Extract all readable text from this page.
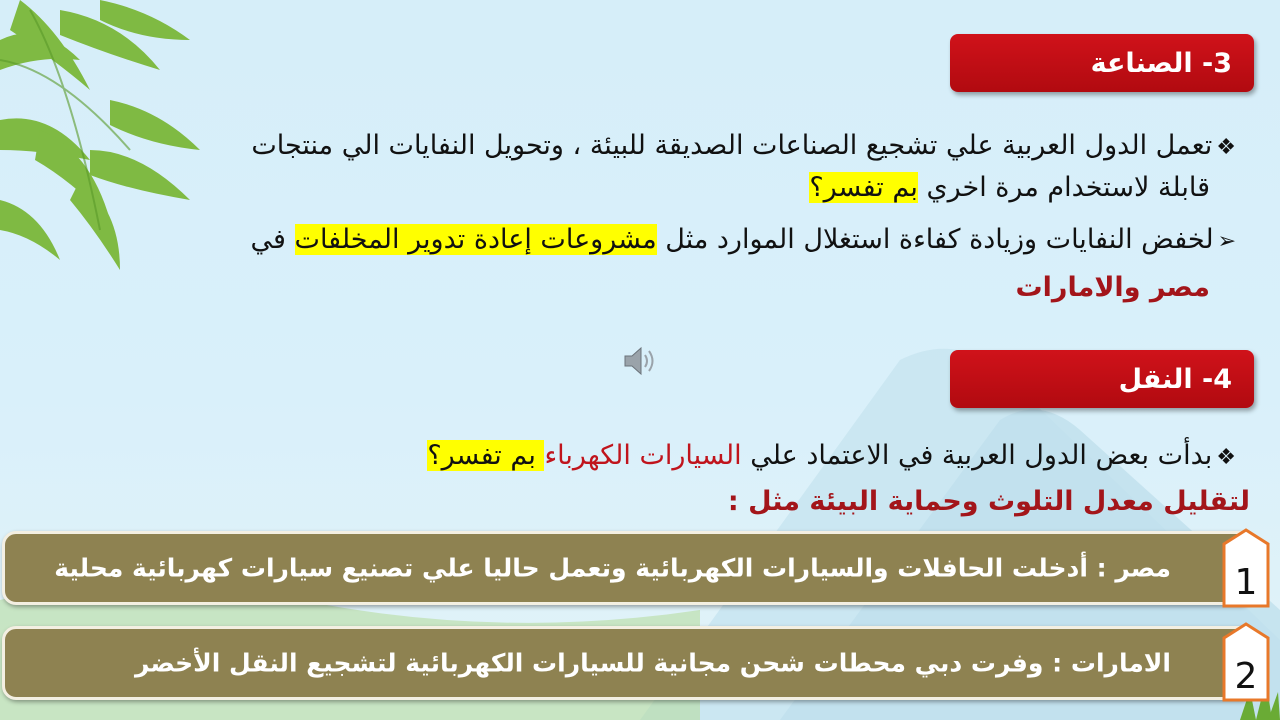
3- الصناعة
❖تعمل الدول العربية علي تشجيع الصناعات الصديقة للبيئة ، وتحويل النفايات الي منتجات
قابلة لاستخدام مرة اخري بم تفسر؟
➢لخفض النفايات وزيادة كفاءة استغلال الموارد مثل مشروعات إعادة تدوير المخلفات في
مصر والامارات
4- النقل
❖بدأت بعض الدول العربية في الاعتماد علي السيارات الكهرباء بم تفسر؟
لتقليل معدل التلوث وحماية البيئة مثل :
مصر : أدخلت الحافلات والسيارات الكهربائية وتعمل حاليا علي تصنيع سيارات كهربائية محلية 1
الامارات : وفرت دبي محطات شحن مجانية للسيارات الكهربائية لتشجيع النقل الأخضر 2
